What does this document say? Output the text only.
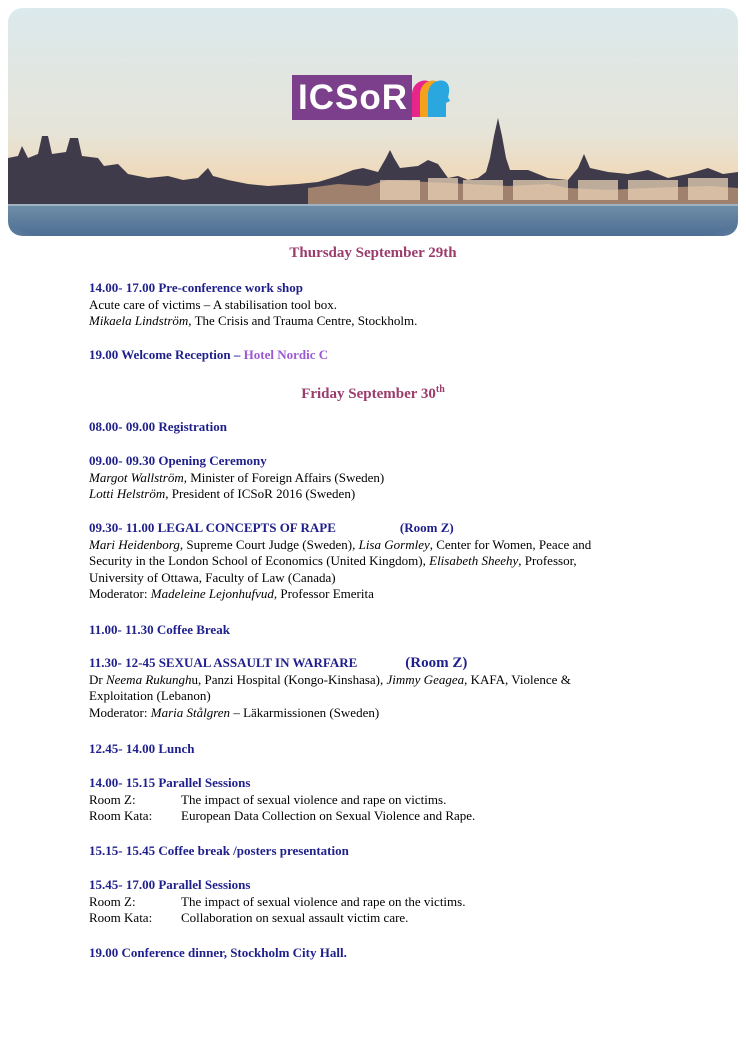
ICSoR
Thursday September 29th
14.00- 17.00 Pre-conference work shop
Acute care of victims – A stabilisation tool box.
Mikaela Lindström, The Crisis and Trauma Centre, Stockholm.
19.00 Welcome Reception – Hotel Nordic C
Friday September 30th
08.00- 09.00 Registration
09.00- 09.30 Opening Ceremony
Margot Wallström, Minister of Foreign Affairs (Sweden)
Lotti Helström, President of ICSoR 2016 (Sweden)
09.30- 11.00 LEGAL CONCEPTS OF RAPE	(Room Z)
Mari Heidenborg, Supreme Court Judge (Sweden), Lisa Gormley, Center for Women, Peace and
Security in the London School of Economics (United Kingdom), Elisabeth Sheehy, Professor,
University of Ottawa, Faculty of Law (Canada)
Moderator: Madeleine Lejonhufvud, Professor Emerita
11.00- 11.30 Coffee Break
11.30- 12-45 SEXUAL ASSAULT IN WARFARE	(Room Z)
Dr Neema Rukunghu, Panzi Hospital (Kongo-Kinshasa), Jimmy Geagea, KAFA, Violence &
Exploitation (Lebanon)
Moderator: Maria Stålgren – Läkarmissionen (Sweden)
12.45- 14.00 Lunch
14.00- 15.15 Parallel Sessions
Room Z:	The impact of sexual violence and rape on victims.
Room Kata:	European Data Collection on Sexual Violence and Rape.
15.15- 15.45 Coffee break /posters presentation
15.45- 17.00 Parallel Sessions
Room Z:	The impact of sexual violence and rape on the victims.
Room Kata:	Collaboration on sexual assault victim care.
19.00 Conference dinner, Stockholm City Hall.
